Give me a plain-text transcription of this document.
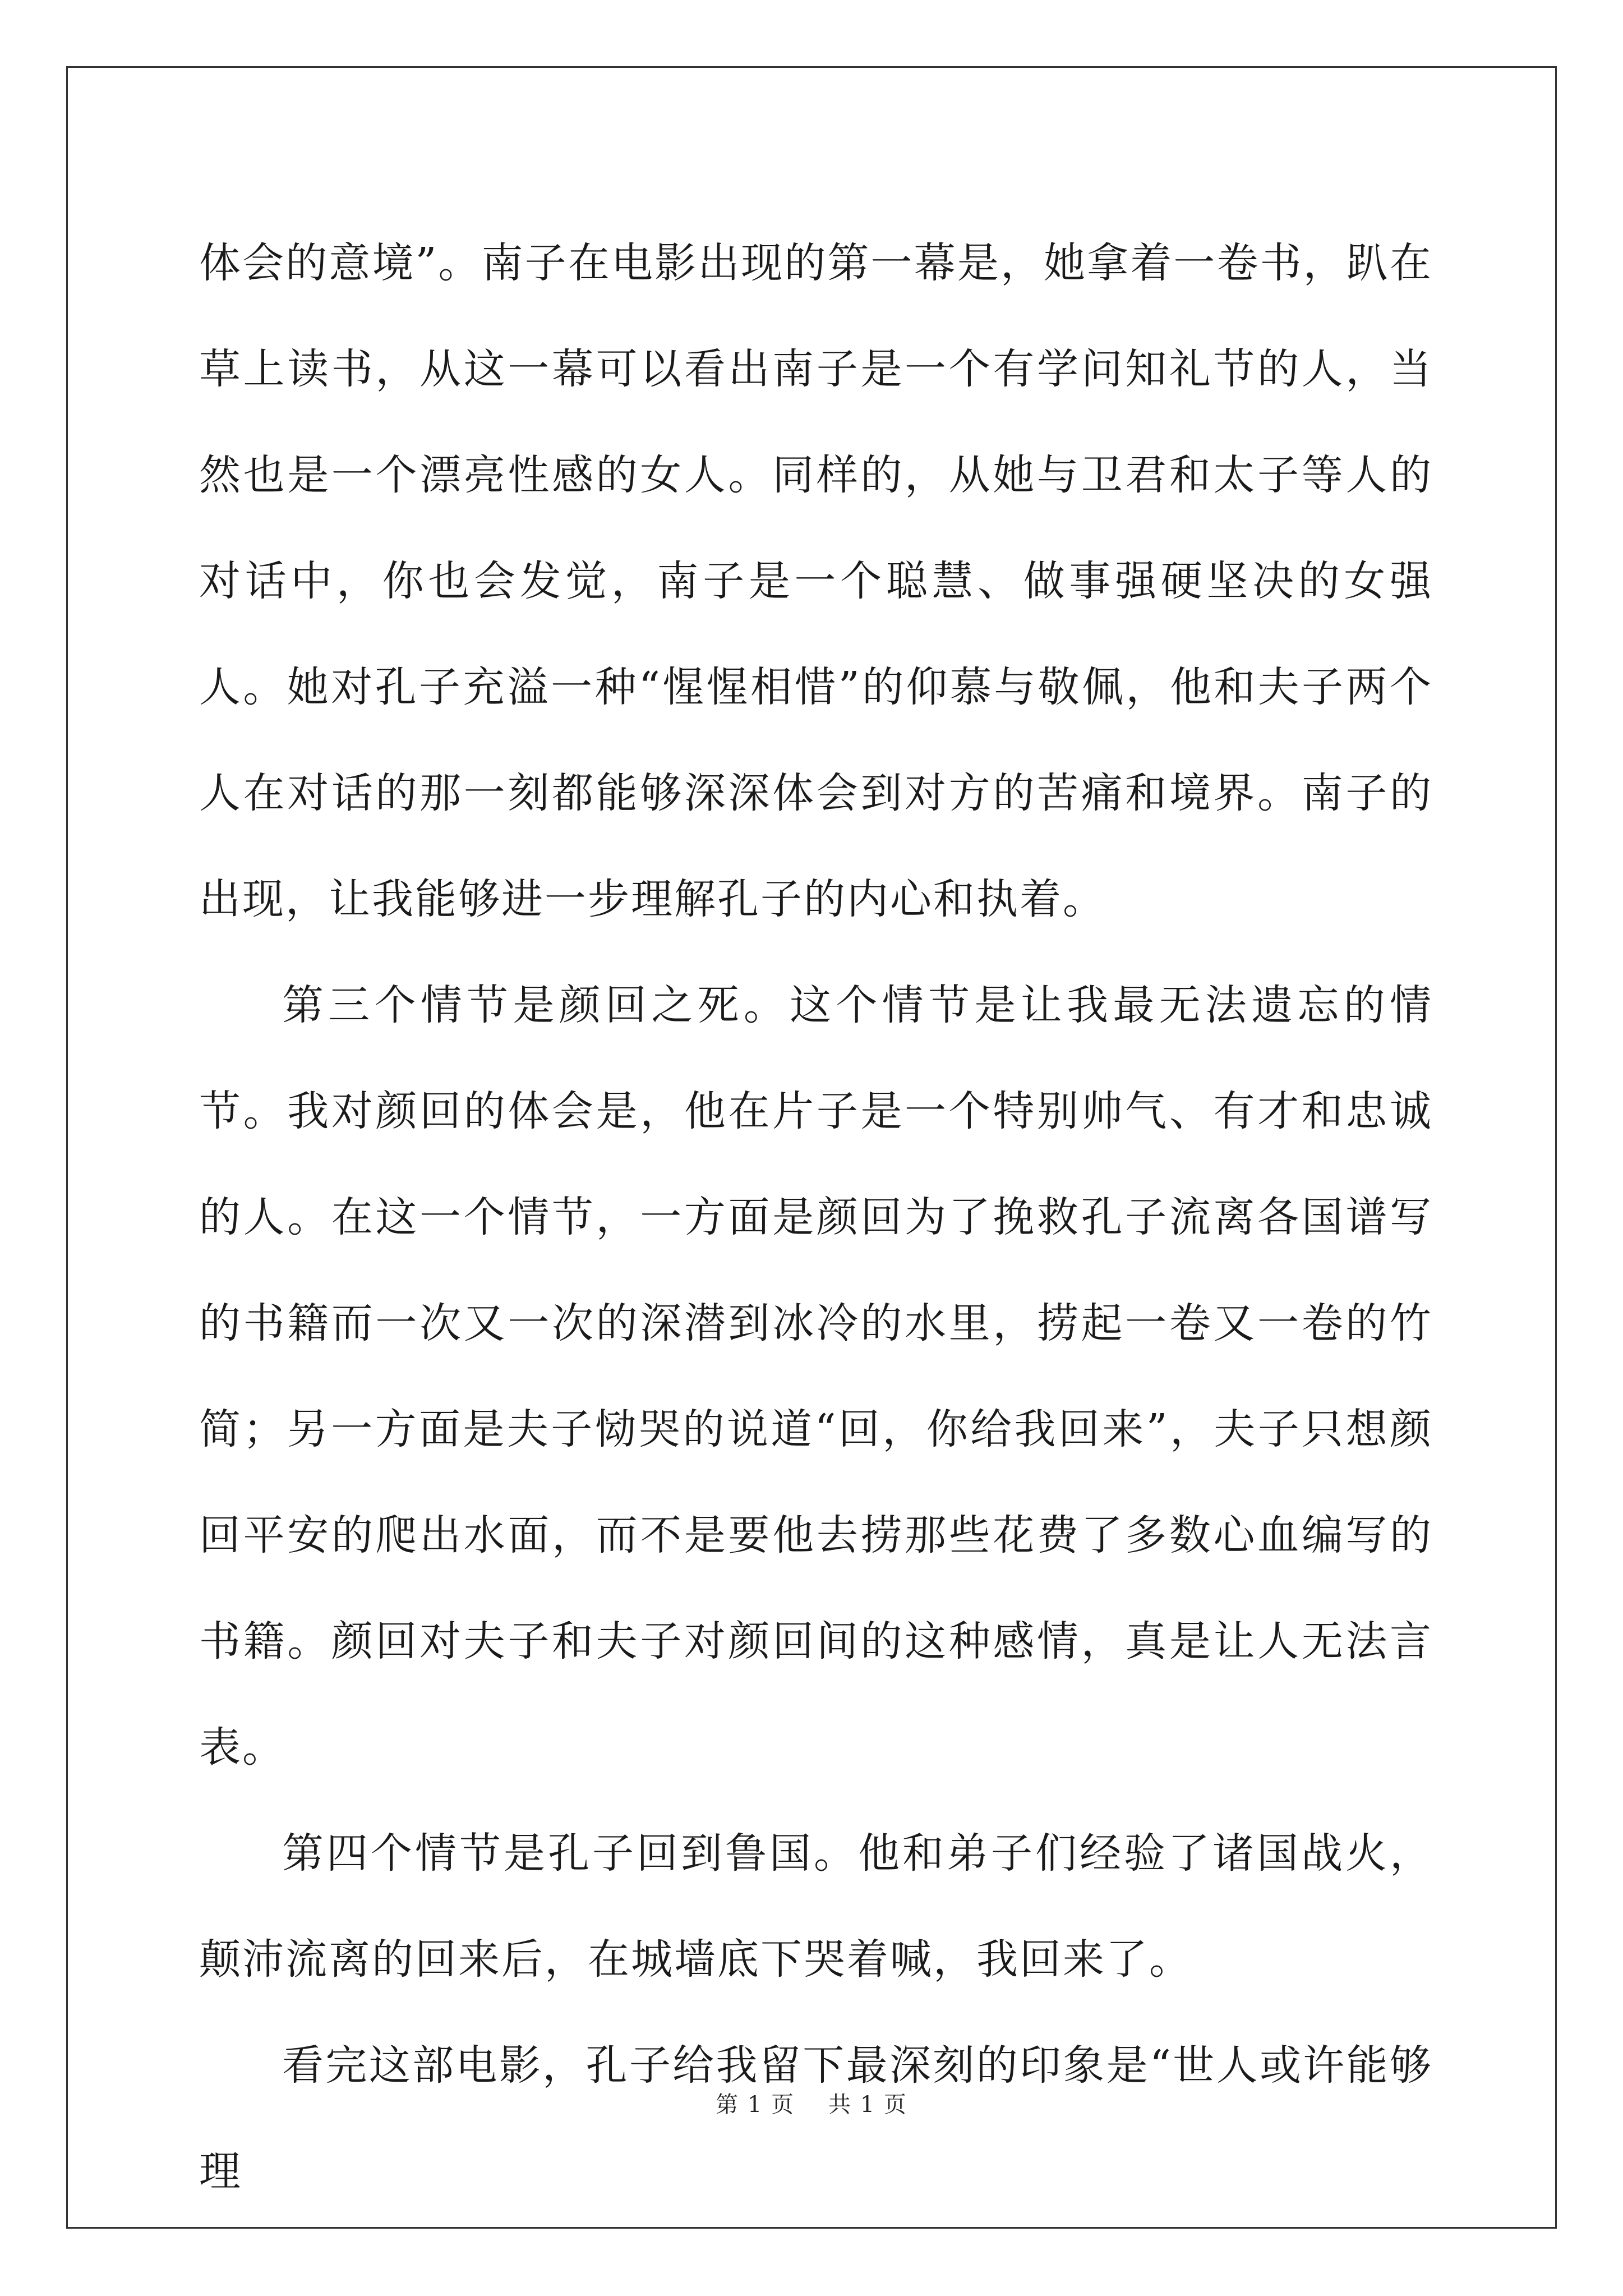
体会的意境”。南子在电影出现的第一幕是，她拿着一卷书，趴在草上读书，从这一幕可以看出南子是一个有学问知礼节的人，当然也是一个漂亮性感的女人。同样的，从她与卫君和太子等人的对话中，你也会发觉，南子是一个聪慧、做事强硬坚决的女强人。她对孔子充溢一种“惺惺相惜”的仰慕与敬佩，他和夫子两个人在对话的那一刻都能够深深体会到对方的苦痛和境界。南子的出现，让我能够进一步理解孔子的内心和执着。

第三个情节是颜回之死。这个情节是让我最无法遗忘的情节。我对颜回的体会是，他在片子是一个特别帅气、有才和忠诚的人。在这一个情节，一方面是颜回为了挽救孔子流离各国谱写的书籍而一次又一次的深潜到冰冷的水里，捞起一卷又一卷的竹简；另一方面是夫子恸哭的说道“回，你给我回来”，夫子只想颜回平安的爬出水面，而不是要他去捞那些花费了多数心血编写的书籍。颜回对夫子和夫子对颜回间的这种感情，真是让人无法言表。

第四个情节是孔子回到鲁国。他和弟子们经验了诸国战火，颠沛流离的回来后，在城墙底下哭着喊，我回来了。

看完这部电影，孔子给我留下最深刻的印象是“世人或许能够理

第 1 页 共 1 页
